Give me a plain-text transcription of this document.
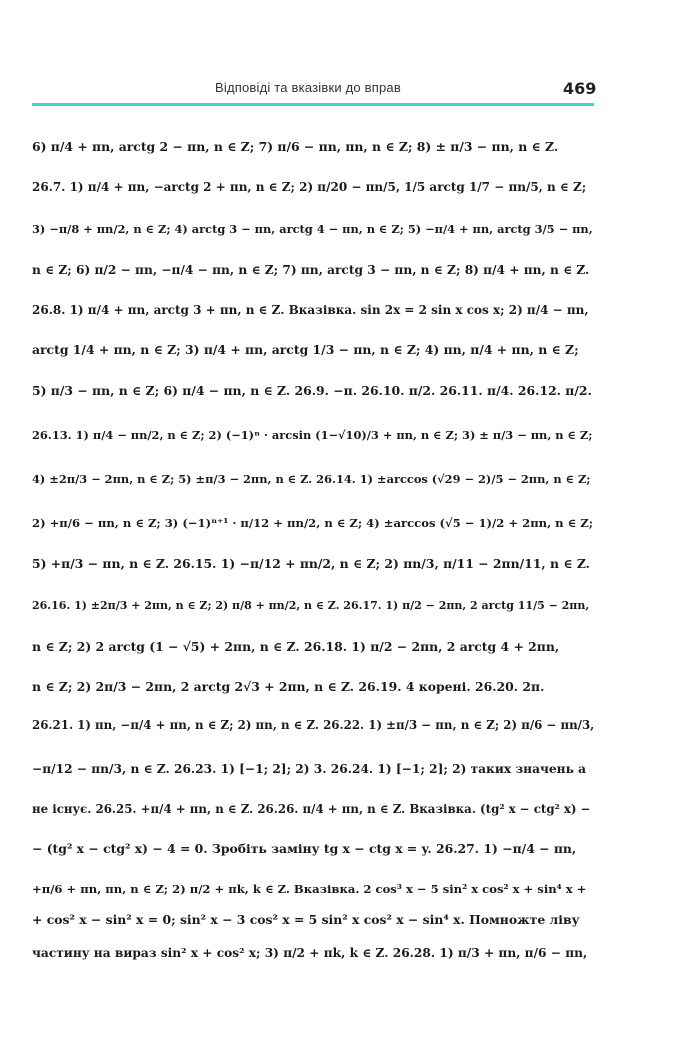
Відповіді та вказівки до вправ	469
6) π/4 + πn, arctg 2 − πn, n ∈ Z; 7) π/6 − πn, πn, n ∈ Z; 8) ± π/3 − πn, n ∈ Z.
26.7. 1) π/4 + πn, −arctg 2 + πn, n ∈ Z; 2) π/20 − πn/5, 1/5 arctg 1/7 − πn/5, n ∈ Z;
3) −π/8 + πn/2, n ∈ Z; 4) arctg 3 − πn, arctg 4 − πn, n ∈ Z; 5) −π/4 + πn, arctg 3/5 − πn,
n ∈ Z; 6) π/2 − πn, −π/4 − πn, n ∈ Z; 7) πn, arctg 3 − πn, n ∈ Z; 8) π/4 + πn, n ∈ Z.
26.8. 1) π/4 + πn, arctg 3 + πn, n ∈ Z. Вказівка. sin 2x = 2 sin x cos x; 2) π/4 − πn,
arctg 1/4 + πn, n ∈ Z; 3) π/4 + πn, arctg 1/3 − πn, n ∈ Z; 4) πn, π/4 + πn, n ∈ Z;
5) π/3 − πn, n ∈ Z; 6) π/4 − πn, n ∈ Z. 26.9. −π. 26.10. π/2. 26.11. π/4. 26.12. π/2.
26.13. 1) π/4 − πn/2, n ∈ Z; 2) (−1)ⁿ · arcsin (1−√10)/3 + πn, n ∈ Z; 3) ± π/3 − πn, n ∈ Z;
4) ±2π/3 − 2πn, n ∈ Z; 5) ±π/3 − 2πn, n ∈ Z. 26.14. 1) ±arccos (√29 − 2)/5 − 2πn, n ∈ Z;
2) +π/6 − πn, n ∈ Z; 3) (−1)ⁿ⁺¹ · π/12 + πn/2, n ∈ Z; 4) ±arccos (√5 − 1)/2 + 2πn, n ∈ Z;
5) +π/3 − πn, n ∈ Z. 26.15. 1) −π/12 + πn/2, n ∈ Z; 2) πn/3, π/11 − 2πn/11, n ∈ Z.
26.16. 1) ±2π/3 + 2πn, n ∈ Z; 2) π/8 + πn/2, n ∈ Z. 26.17. 1) π/2 − 2πn, 2 arctg 11/5 − 2πn,
n ∈ Z; 2) 2 arctg (1 − √5) + 2πn, n ∈ Z. 26.18. 1) π/2 − 2πn, 2 arctg 4 + 2πn,
n ∈ Z; 2) 2π/3 − 2πn, 2 arctg 2√3 + 2πn, n ∈ Z. 26.19. 4 корені. 26.20. 2π.
26.21. 1) πn, −π/4 + πn, n ∈ Z; 2) πn, n ∈ Z. 26.22. 1) ±π/3 − πn, n ∈ Z; 2) π/6 − πn/3,
−π/12 − πn/3, n ∈ Z. 26.23. 1) [−1; 2]; 2) 3. 26.24. 1) [−1; 2]; 2) таких значень a
не існує. 26.25. +π/4 + πn, n ∈ Z. 26.26. π/4 + πn, n ∈ Z. Вказівка. (tg² x − ctg² x) −
− (tg² x − ctg² x) − 4 = 0. Зробіть заміну tg x − ctg x = y. 26.27. 1) −π/4 − πn,
+π/6 + πn, πn, n ∈ Z; 2) π/2 + πk, k ∈ Z. Вказівка. 2 cos³ x − 5 sin² x cos² x + sin⁴ x +
+ cos² x − sin² x = 0; sin² x − 3 cos² x = 5 sin² x cos² x − sin⁴ x. Помножте ліву
частину на вираз sin² x + cos² x; 3) π/2 + πk, k ∈ Z. 26.28. 1) π/3 + πn, π/6 − πn,
